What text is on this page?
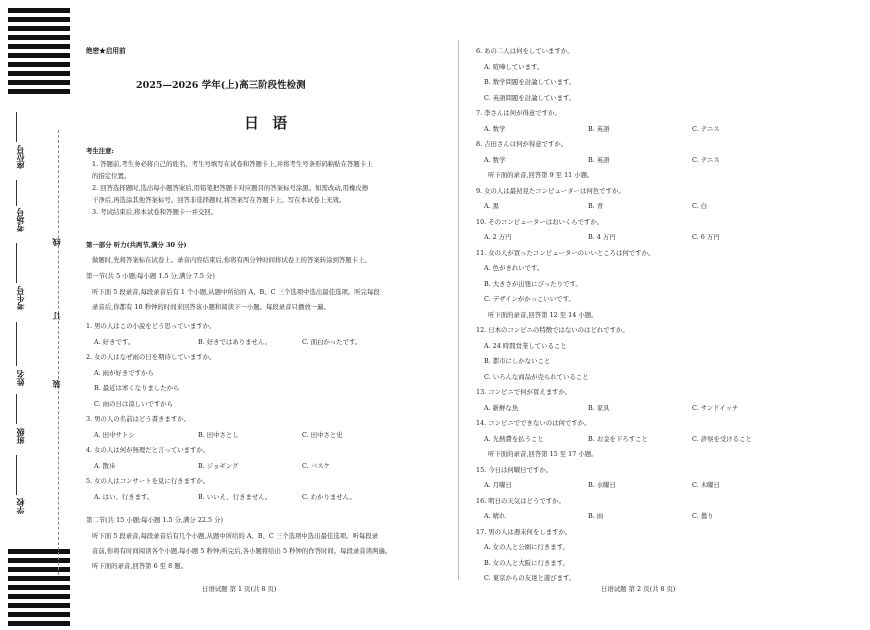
座位号
考场号
考生号
姓名
班级
学校
线
订
装
绝密★启用前
2025—2026 学年(上)高三阶段性检测
日 语
考生注意:
1. 答题前,考生务必将自己的姓名、考生号填写在试卷和答题卡上,并将考生号条形码粘贴在答题卡上
的指定位置。
2. 回答选择题时,选出每小题答案后,用铅笔把答题卡对应题目的答案标号涂黑。如需改动,用橡皮擦
干净后,再选涂其他答案标号。回答非选择题时,将答案写在答题卡上。写在本试卷上无效。
3. 考试结束后,将本试卷和答题卡一并交回。
第一部分 听力(共两节,满分 30 分)
做题时,先将答案标在试卷上。录音内容结束后,你将有两分钟时间将试卷上的答案转涂到答题卡上。
第一节(共 5 小题;每小题 1.5 分,满分 7.5 分)
听下面 5 段录音,每段录音后有 1 个小题,从题中所给的 A、B、C 三个选项中选出最佳选项。听完每段
录音后,你都有 10 秒钟的时间来回答该小题和阅读下一小题。每段录音只播放一遍。
1. 男の人はこの小説をどう思っていますか。
A. 好きです。	B. 好きではありません。	C. 面白かったです。
2. 女の人はなぜ雨の日を期待していますか。
A. 雨が好きですから
B. 最近は寒くなりましたから
C. 雨の日は涼しいですから
3. 男の人の名前はどう書きますか。
A. 田中サトシ	B. 田中さとし	C. 田中さと史
4. 女の人は何が無理だと言っていますか。
A. 散歩	B. ジョギング	C. バスケ
5. 女の人はコンサートを見に行きますか。
A. はい、行きます。	B. いいえ、行きません。	C. わかりません。
第二节(共 15 小题;每小题 1.5 分,满分 22.5 分)
听下面 5 段录音,每段录音后有几个小题,从题中所给的 A、B、C 三个选项中选出最佳选项。听每段录
音前,你将有时间阅读各个小题,每小题 5 秒钟;听完后,各小题将给出 5 秒钟的作答时间。每段录音读两遍。
听下面的录音,回答第 6 至 8 题。
6. あの二人は何をしていますか。
A. 喧嘩しています。
B. 数学問題を討論しています。
C. 英語問題を討論しています。
7. 李さんは何が得意ですか。
A. 数学	B. 英語	C. テニス
8. 吉田さんは何が得意ですか。
A. 数学	B. 英語	C. テニス
听下面的录音,回答第 9 至 11 小题。
9. 女の人は最初見たコンピューターは何色ですか。
A. 黒	B. 青	C. 白
10. そのコンピューターはおいくらですか。
A. 2 万円	B. 4 万円	C. 6 万円
11. 女の人が買ったコンピューターのいいところは何ですか。
A. 色がきれいです。
B. 大きさが出張にぴったりです。
C. デザインがかっこいいです。
听下面的录音,回答第 12 至 14 小题。
12. 日本のコンビニの特徴ではないのはどれですか。
A. 24 時間営業していること
B. 都市にしかないこと
C. いろんな商品が売られていること
13. コンビニで何が買えますか。
A. 新鮮な魚	B. 家具	C. サンドイッチ
14. コンビニでできないのは何ですか。
A. 光熱費を払うこと	B. お金を下ろすこと	C. 診察を受けること
听下面的录音,回答第 15 至 17 小题。
15. 今日は何曜日ですか。
A. 月曜日	B. 水曜日	C. 木曜日
16. 明日の天気はどうですか。
A. 晴れ	B. 雨	C. 曇り
17. 男の人は週末何をしますか。
A. 女の人と公園に行きます。
B. 女の人と大阪に行きます。
C. 東京からの友達と遊びます。
日语试题 第 1 页(共 8 页)	日语试题 第 2 页(共 8 页)
